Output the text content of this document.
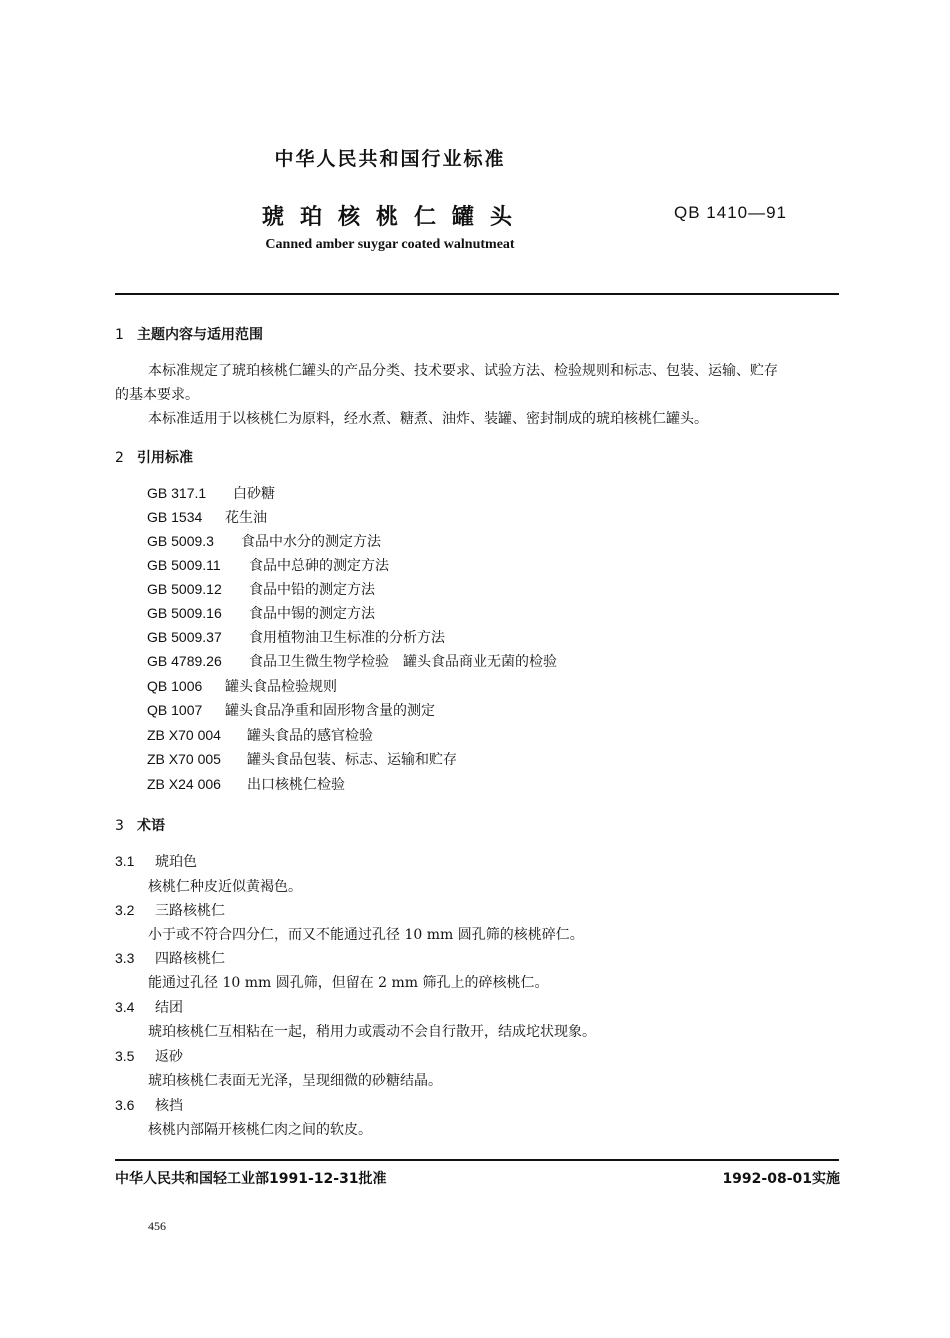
中华人民共和国行业标准
琥珀核桃仁罐头	QB 1410—91
Canned amber suygar coated walnutmeat
1 主题内容与适用范围
本标准规定了琥珀核桃仁罐头的产品分类、技术要求、试验方法、检验规则和标志、包装、运输、贮存
的基本要求。
本标准适用于以核桃仁为原料，经水煮、糖煮、油炸、装罐、密封制成的琥珀核桃仁罐头。
2 引用标准
GB 317.1 白砂糖
GB 1534 花生油
GB 5009.3 食品中水分的测定方法
GB 5009.11 食品中总砷的测定方法
GB 5009.12 食品中铅的测定方法
GB 5009.16 食品中锡的测定方法
GB 5009.37 食用植物油卫生标准的分析方法
GB 4789.26 食品卫生微生物学检验　罐头食品商业无菌的检验
QB 1006 罐头食品检验规则
QB 1007 罐头食品净重和固形物含量的测定
ZB X70 004 罐头食品的感官检验
ZB X70 005 罐头食品包装、标志、运输和贮存
ZB X24 006 出口核桃仁检验
3 术语
3.1 琥珀色
核桃仁种皮近似黄褐色。
3.2 三路核桃仁
小于或不符合四分仁，而又不能通过孔径 10 mm 圆孔筛的核桃碎仁。
3.3 四路核桃仁
能通过孔径 10 mm 圆孔筛，但留在 2 mm 筛孔上的碎核桃仁。
3.4 结团
琥珀核桃仁互相粘在一起，稍用力或震动不会自行散开，结成坨状现象。
3.5 返砂
琥珀核桃仁表面无光泽，呈现细微的砂糖结晶。
3.6 核挡
核桃内部隔开核桃仁肉之间的软皮。
中华人民共和国轻工业部1991-12-31批准	1992-08-01实施
456
